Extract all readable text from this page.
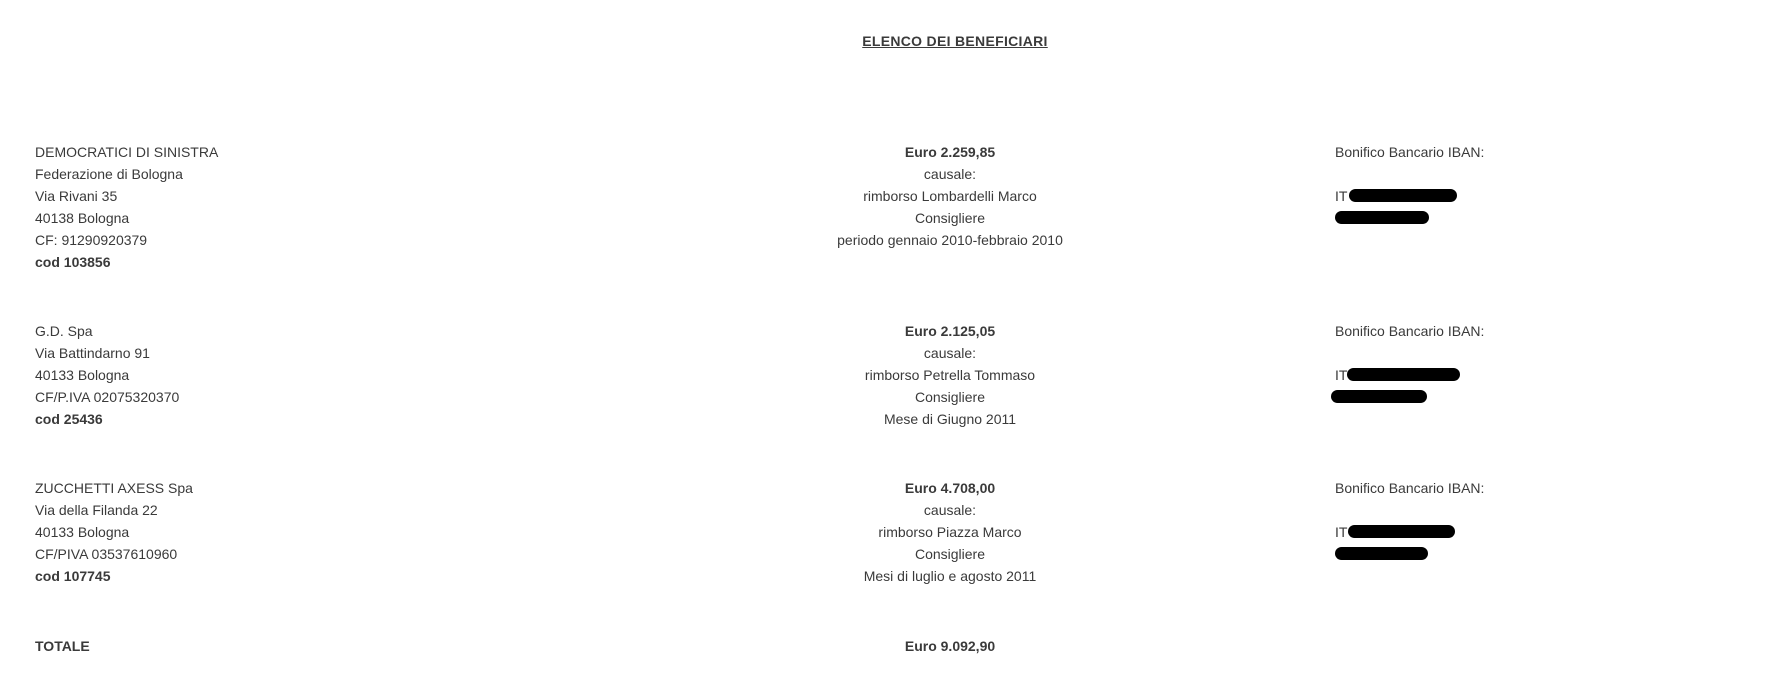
ELENCO DEI BENEFICIARI
DEMOCRATICI DI SINISTRA
Federazione di Bologna
Via Rivani 35
40138 Bologna
CF: 91290920379
cod 103856
Euro 2.259,85
causale:
rimborso Lombardelli Marco
Consigliere
periodo gennaio 2010-febbraio 2010
Bonifico Bancario IBAN:
IT
G.D. Spa
Via Battindarno 91
40133 Bologna
CF/P.IVA 02075320370
cod 25436
Euro 2.125,05
causale:
rimborso Petrella Tommaso
Consigliere
Mese di Giugno 2011
Bonifico Bancario IBAN:
IT
ZUCCHETTI AXESS Spa
Via della Filanda 22
40133 Bologna
CF/PIVA 03537610960
cod 107745
Euro 4.708,00
causale:
rimborso Piazza Marco
Consigliere
Mesi di luglio e agosto 2011
Bonifico Bancario IBAN:
IT
TOTALE	Euro 9.092,90
